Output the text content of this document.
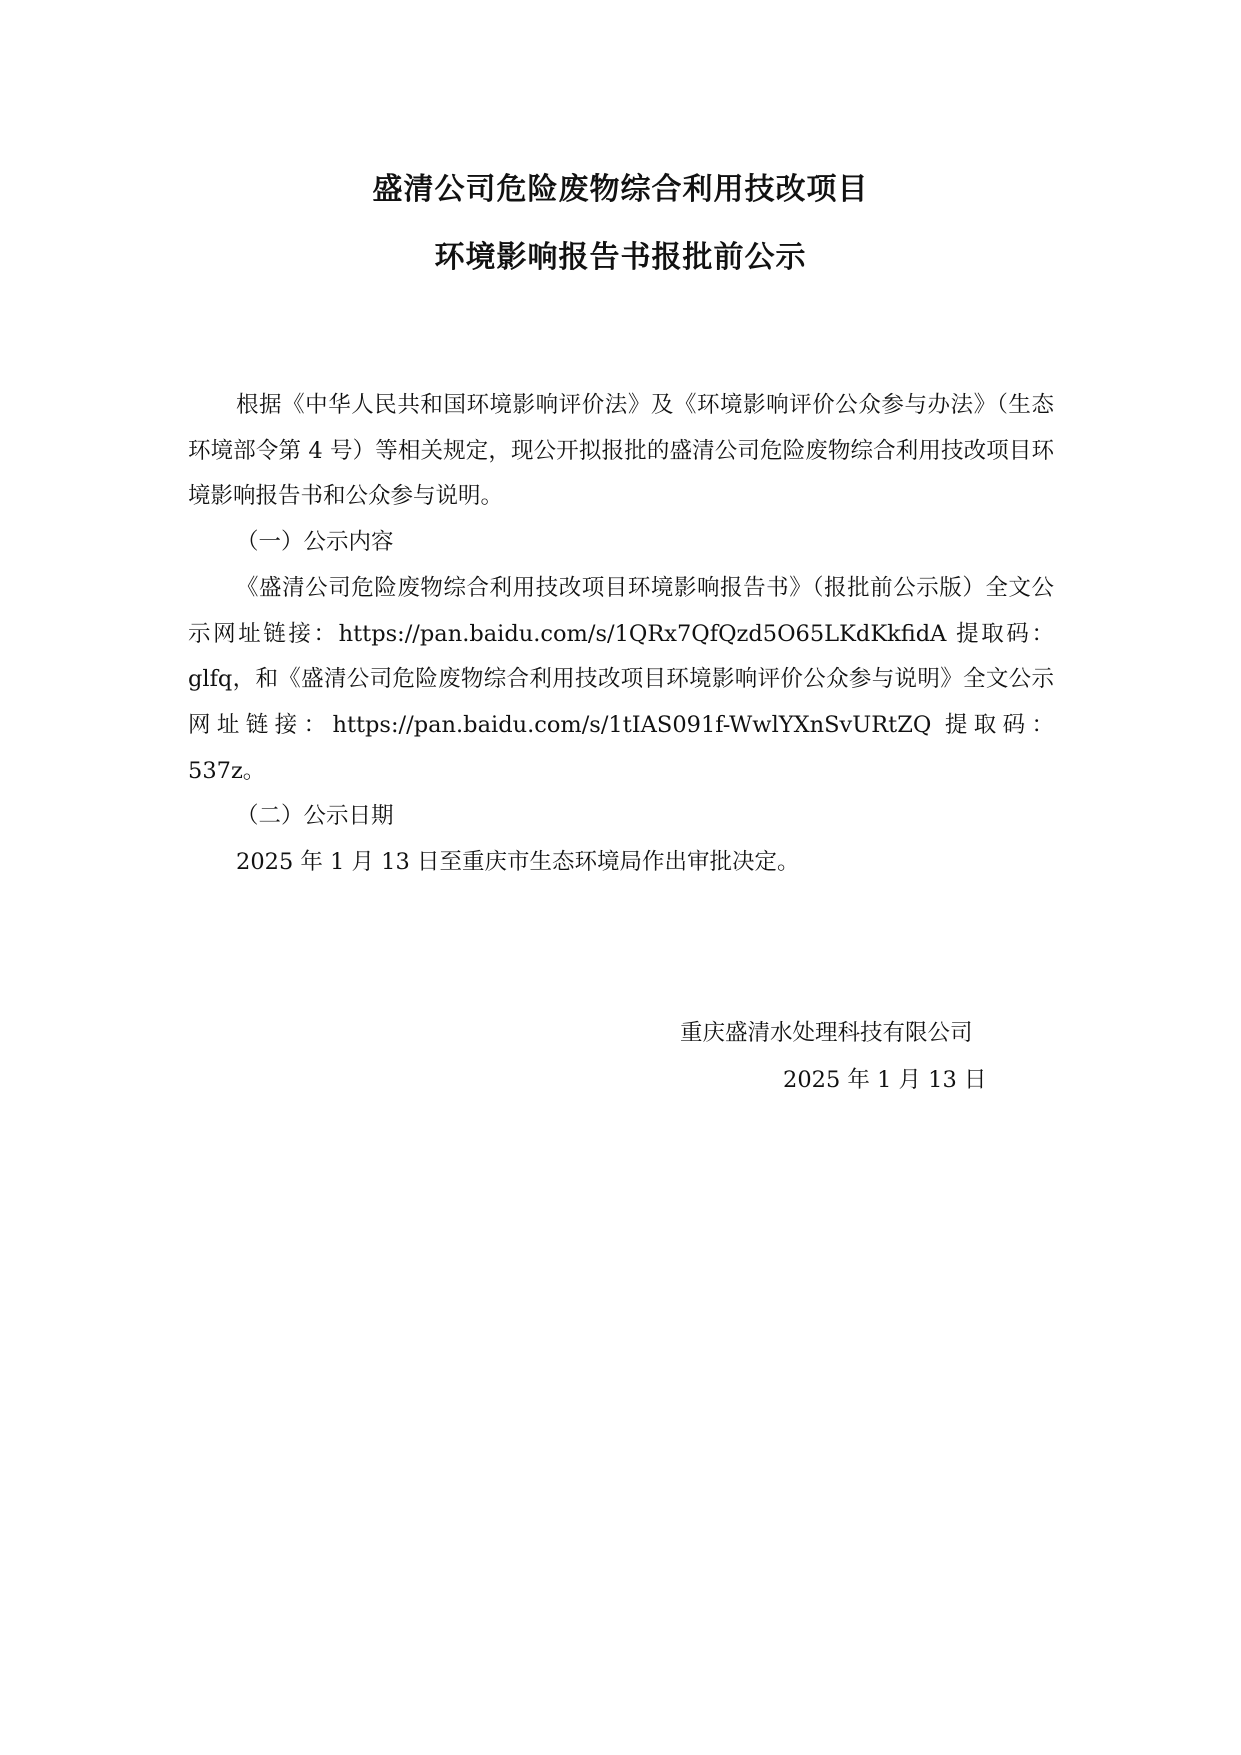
盛清公司危险废物综合利用技改项目
环境影响报告书报批前公示

根据《中华人民共和国环境影响评价法》及《环境影响评价公众参与办法》（生态环境部令第 4 号）等相关规定，现公开拟报批的盛清公司危险废物综合利用技改项目环境影响报告书和公众参与说明。

（一）公示内容

《盛清公司危险废物综合利用技改项目环境影响报告书》（报批前公示版）全文公示网址链接：https://pan.baidu.com/s/1QRx7QfQzd5O65LKdKkfidA 提取码：glfq，和《盛清公司危险废物综合利用技改项目环境影响评价公众参与说明》全文公示网址链接：https://pan.baidu.com/s/1tIAS091f-WwlYXnSvURtZQ 提取码：537z。

（二）公示日期

2025 年 1 月 13 日至重庆市生态环境局作出审批决定。

重庆盛清水处理科技有限公司
2025 年 1 月 13 日
